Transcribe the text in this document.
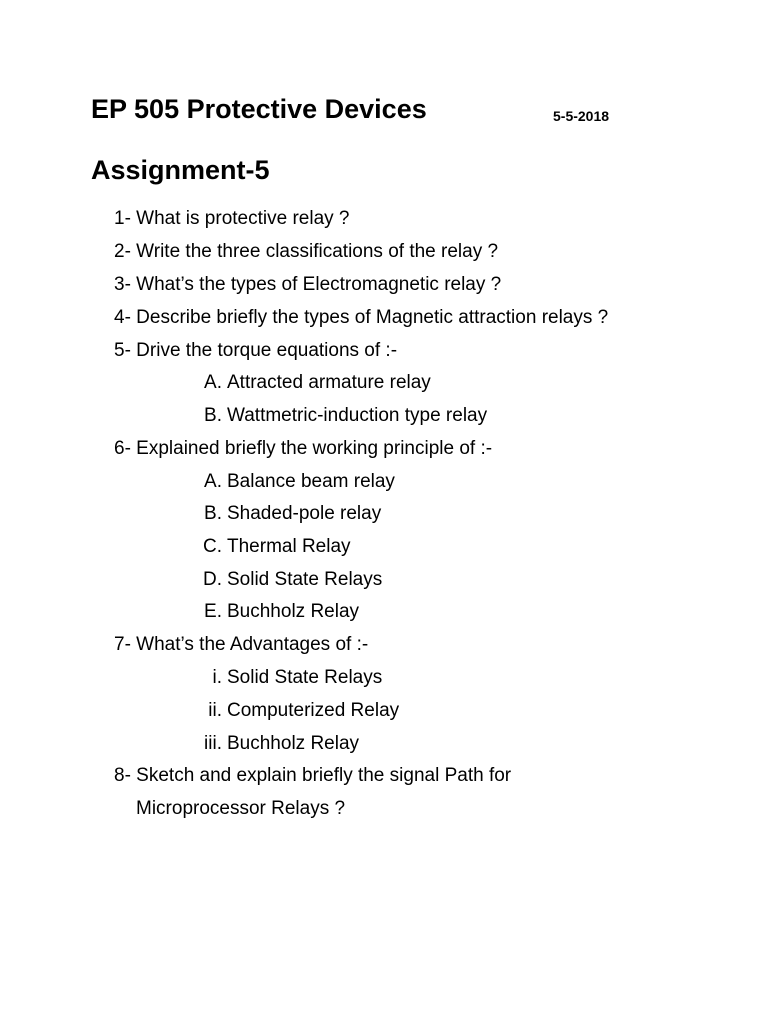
EP 505 Protective Devices	5-5-2018
Assignment-5
1- What is protective relay ?
2- Write the three classifications of the relay ?
3- What’s the types of Electromagnetic relay ?
4- Describe briefly the types of Magnetic attraction relays ?
5- Drive the torque equations of :-
A. Attracted armature relay
B. Wattmetric-induction type relay
6- Explained briefly the working principle of :-
A. Balance beam relay
B. Shaded-pole relay
C. Thermal Relay
D. Solid State Relays
E. Buchholz Relay
7- What’s the Advantages of :-
i. Solid State Relays
ii. Computerized Relay
iii. Buchholz Relay
8- Sketch and explain briefly the signal Path for
Microprocessor Relays ?
